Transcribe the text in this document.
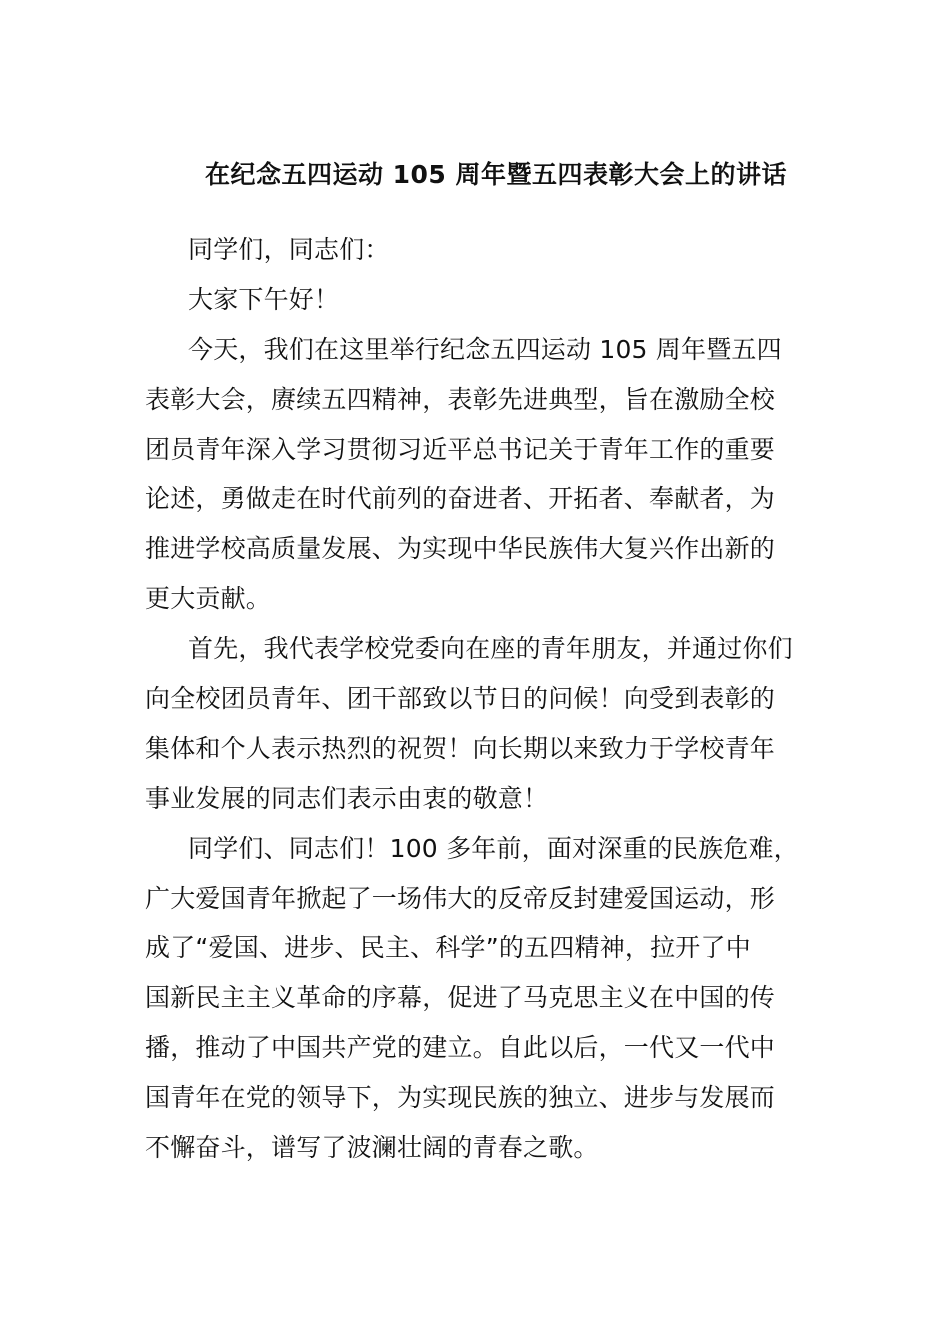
在纪念五四运动 105 周年暨五四表彰大会上的讲话
同学们，同志们：
大家下午好！
今天，我们在这里举行纪念五四运动 105 周年暨五四
表彰大会，赓续五四精神，表彰先进典型，旨在激励全校
团员青年深入学习贯彻习近平总书记关于青年工作的重要
论述，勇做走在时代前列的奋进者、开拓者、奉献者，为
推进学校高质量发展、为实现中华民族伟大复兴作出新的
更大贡献。
首先，我代表学校党委向在座的青年朋友，并通过你们
向全校团员青年、团干部致以节日的问候！向受到表彰的
集体和个人表示热烈的祝贺！向长期以来致力于学校青年
事业发展的同志们表示由衷的敬意！
同学们、同志们！100 多年前，面对深重的民族危难，
广大爱国青年掀起了一场伟大的反帝反封建爱国运动，形
成了“爱国、进步、民主、科学”的五四精神，拉开了中
国新民主主义革命的序幕，促进了马克思主义在中国的传
播，推动了中国共产党的建立。自此以后，一代又一代中
国青年在党的领导下，为实现民族的独立、进步与发展而
不懈奋斗，谱写了波澜壮阔的青春之歌。
